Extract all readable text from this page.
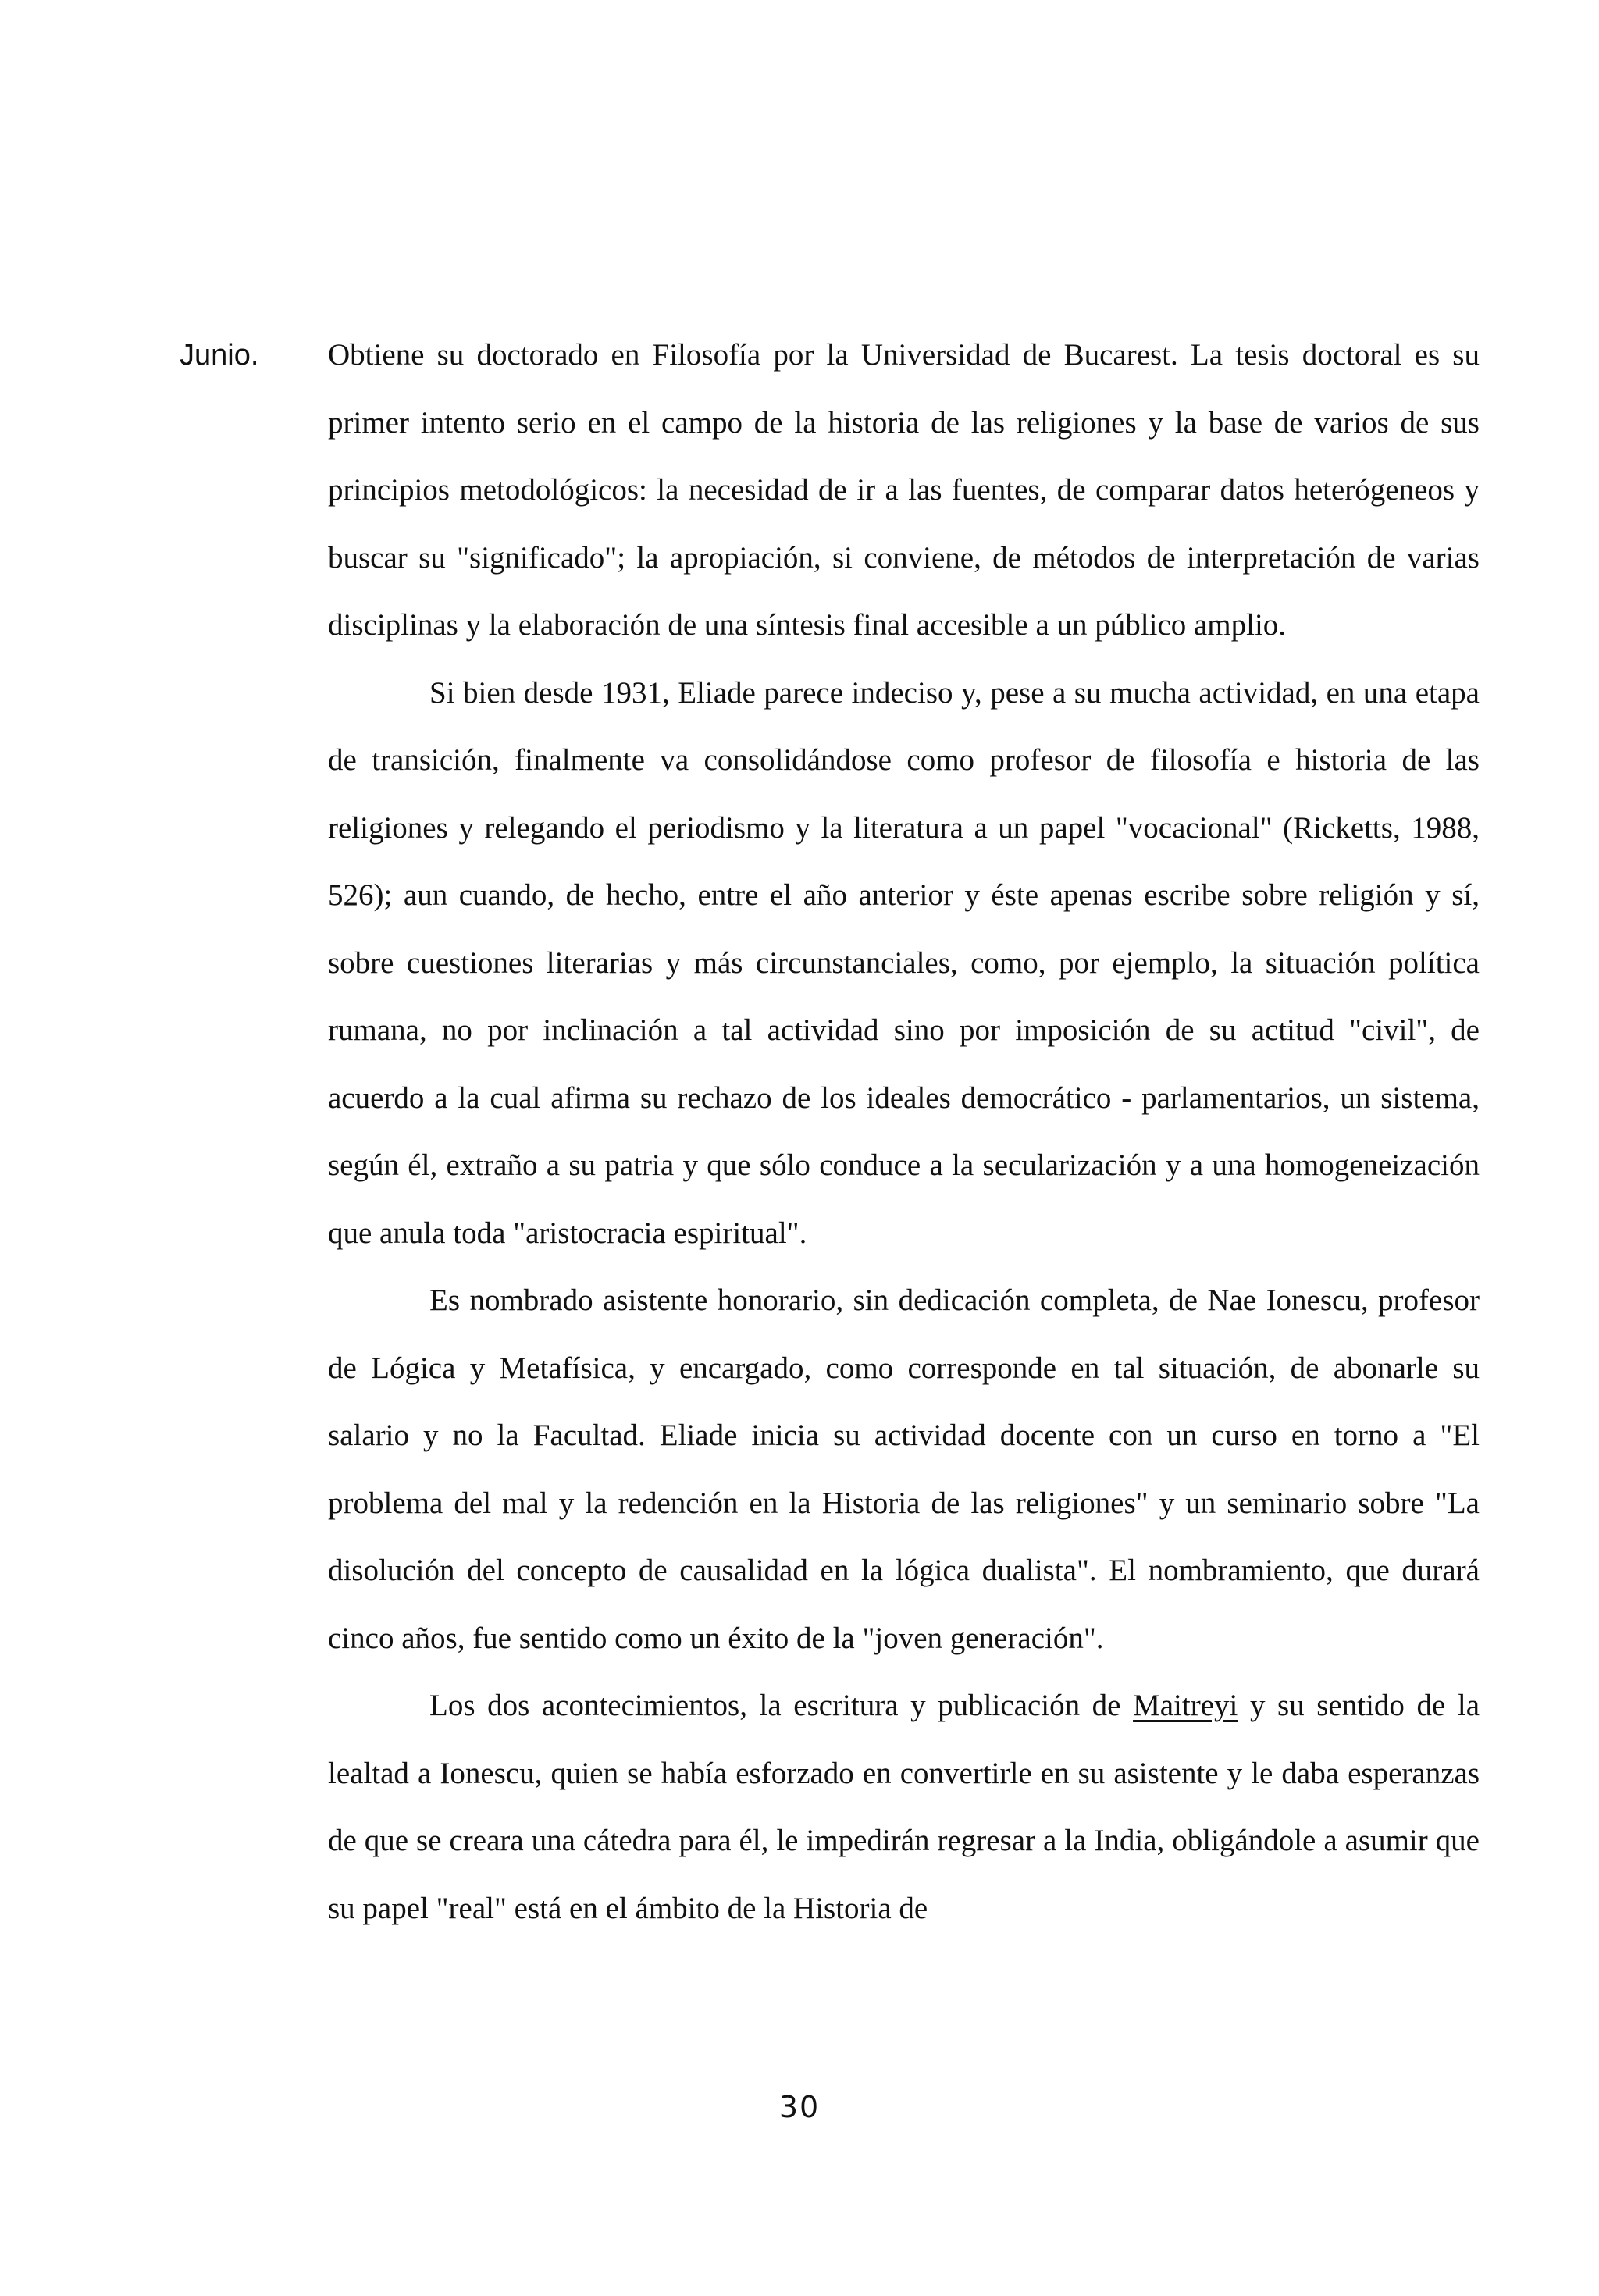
Junio. Obtiene su doctorado en Filosofía por la Universidad de Bucarest. La tesis doctoral es su primer intento serio en el campo de la historia de las religiones y la base de varios de sus principios metodológicos: la necesidad de ir a las fuentes, de comparar datos heterógeneos y buscar su "significado"; la apropiación, si conviene, de métodos de interpretación de varias disciplinas y la elaboración de una síntesis final accesible a un público amplio.

Si bien desde 1931, Eliade parece indeciso y, pese a su mucha actividad, en una etapa de transición, finalmente va consolidándose como profesor de filosofía e historia de las religiones y relegando el periodismo y la literatura a un papel "vocacional" (Ricketts, 1988, 526); aun cuando, de hecho, entre el año anterior y éste apenas escribe sobre religión y sí, sobre cuestiones literarias y más circunstanciales, como, por ejemplo, la situación política rumana, no por inclinación a tal actividad sino por imposición de su actitud "civil", de acuerdo a la cual afirma su rechazo de los ideales democrático - parlamentarios, un sistema, según él, extraño a su patria y que sólo conduce a la secularización y a una homogeneización que anula toda "aristocracia espiritual".

Es nombrado asistente honorario, sin dedicación completa, de Nae Ionescu, profesor de Lógica y Metafísica, y encargado, como corresponde en tal situación, de abonarle su salario y no la Facultad. Eliade inicia su actividad docente con un curso en torno a "El problema del mal y la redención en la Historia de las religiones" y un seminario sobre "La disolución del concepto de causalidad en la lógica dualista". El nombramiento, que durará cinco años, fue sentido como un éxito de la "joven generación".

Los dos acontecimientos, la escritura y publicación de Maitreyi y su sentido de la lealtad a Ionescu, quien se había esforzado en convertirle en su asistente y le daba esperanzas de que se creara una cátedra para él, le impedirán regresar a la India, obligándole a asumir que su papel "real" está en el ámbito de la Historia de

30
